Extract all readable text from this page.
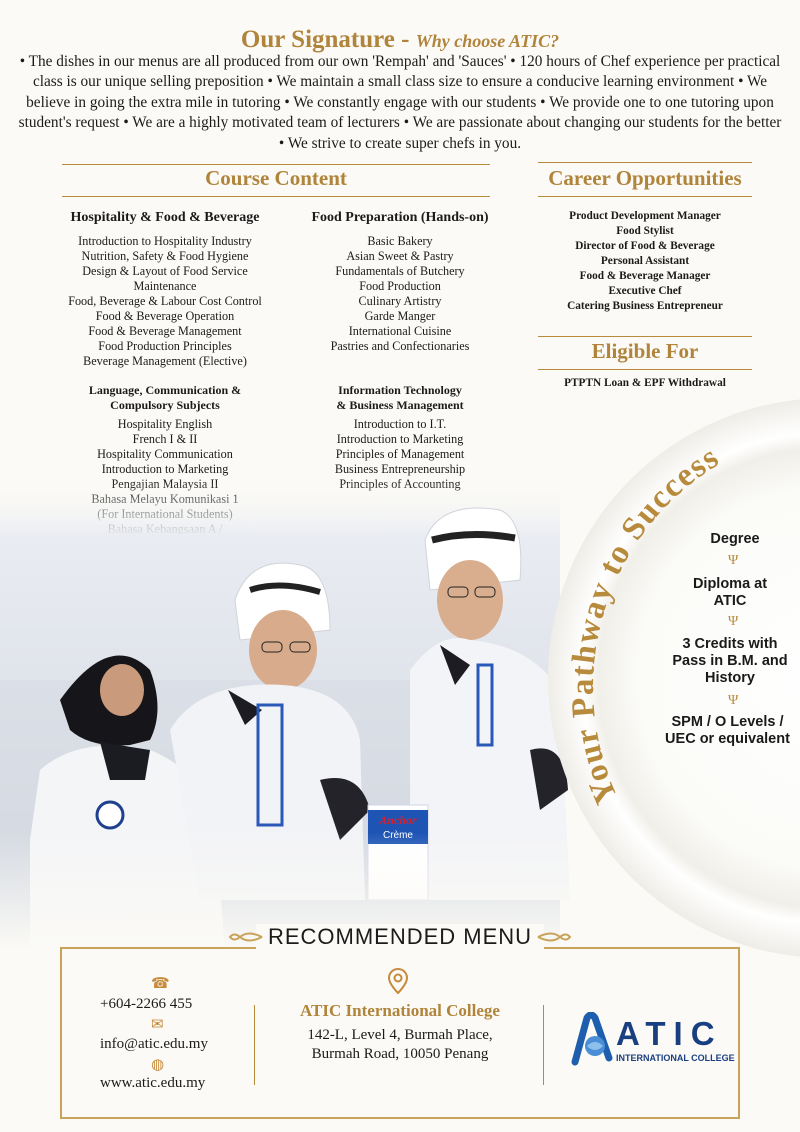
Our Signature - Why choose ATIC?

• The dishes in our menus are all produced from our own 'Rempah' and 'Sauces' • 120 hours of Chef experience per practical class is our unique selling preposition • We maintain a small class size to ensure a conducive learning environment • We believe in going the extra mile in tutoring • We constantly engage with our students • We provide one to one tutoring upon student's request • We are a highly motivated team of lecturers • We are passionate about changing our students for the better • We strive to create super chefs in you.

Course Content
Hospitality & Food & Beverage
Introduction to Hospitality Industry
Nutrition, Safety & Food Hygiene
Design & Layout of Food Service
Maintenance
Food, Beverage & Labour Cost Control
Food & Beverage Operation
Food & Beverage Management
Food Production Principles
Beverage Management (Elective)
Food Preparation (Hands-on)
Basic Bakery
Asian Sweet & Pastry
Fundamentals of Butchery
Food Production
Culinary Artistry
Garde Manger
International Cuisine
Pastries and Confectionaries
Language, Communication &
Compulsory Subjects
Hospitality English
French I & II
Hospitality Communication
Introduction to Marketing
Information Technology
& Business Management
Introduction to I.T.
Introduction to Marketing
Principles of Management
Business Entrepreneurship
Career Opportunities
Product Development Manager
Food Stylist
Director of Food & Beverage
Personal Assistant
Food & Beverage Manager
Executive Chef
Catering Business Entrepreneur
Eligible For
PTPTN Loan & EPF Withdrawal
Your Pathway to Success
Degree
Ψ
Diploma at ATIC
Ψ
3 Credits with Pass in B.M. and History
Ψ
SPM / O Levels / UEC or equivalent
RECOMMENDED MENU
☎
+604-2266 455
✉
info@atic.edu.my
◍
www.atic.edu.my
ATIC International College
142-L, Level 4, Burmah Place,
Burmah Road, 10050 Penang
ATIC
INTERNATIONAL COLLEGE
